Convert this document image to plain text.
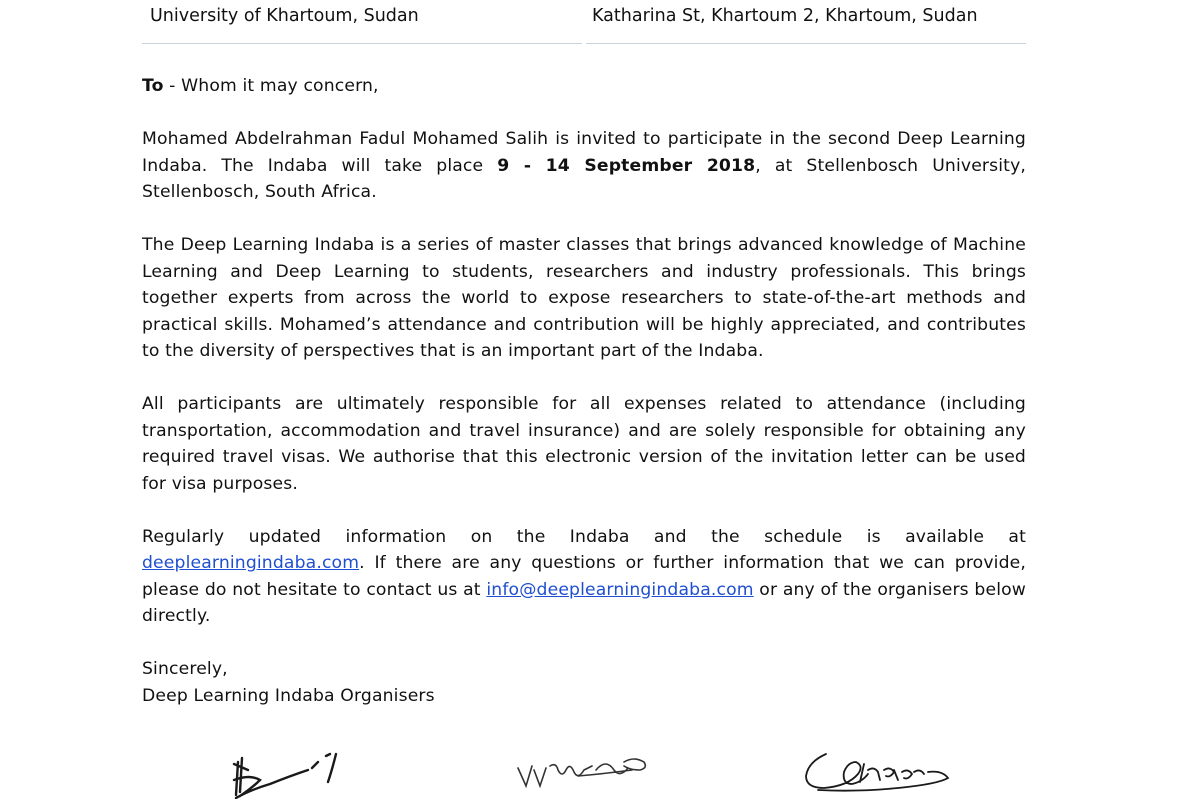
University of Khartoum, Sudan	Katharina St, Khartoum 2, Khartoum, Sudan

To - Whom it may concern,

Mohamed Abdelrahman Fadul Mohamed Salih is invited to participate in the second Deep Learning Indaba. The Indaba will take place 9 - 14 September 2018, at Stellenbosch University, Stellenbosch, South Africa.

The Deep Learning Indaba is a series of master classes that brings advanced knowledge of Machine Learning and Deep Learning to students, researchers and industry professionals. This brings together experts from across the world to expose researchers to state-of-the-art methods and practical skills. Mohamed’s attendance and contribution will be highly appreciated, and contributes to the diversity of perspectives that is an important part of the Indaba.

All participants are ultimately responsible for all expenses related to attendance (including transportation, accommodation and travel insurance) and are solely responsible for obtaining any required travel visas. We authorise that this electronic version of the invitation letter can be used for visa purposes.

Regularly updated information on the Indaba and the schedule is available at deeplearningindaba.com. If there are any questions or further information that we can provide, please do not hesitate to contact us at info@deeplearningindaba.com or any of the organisers below directly.

Sincerely,

Deep Learning Indaba Organisers
